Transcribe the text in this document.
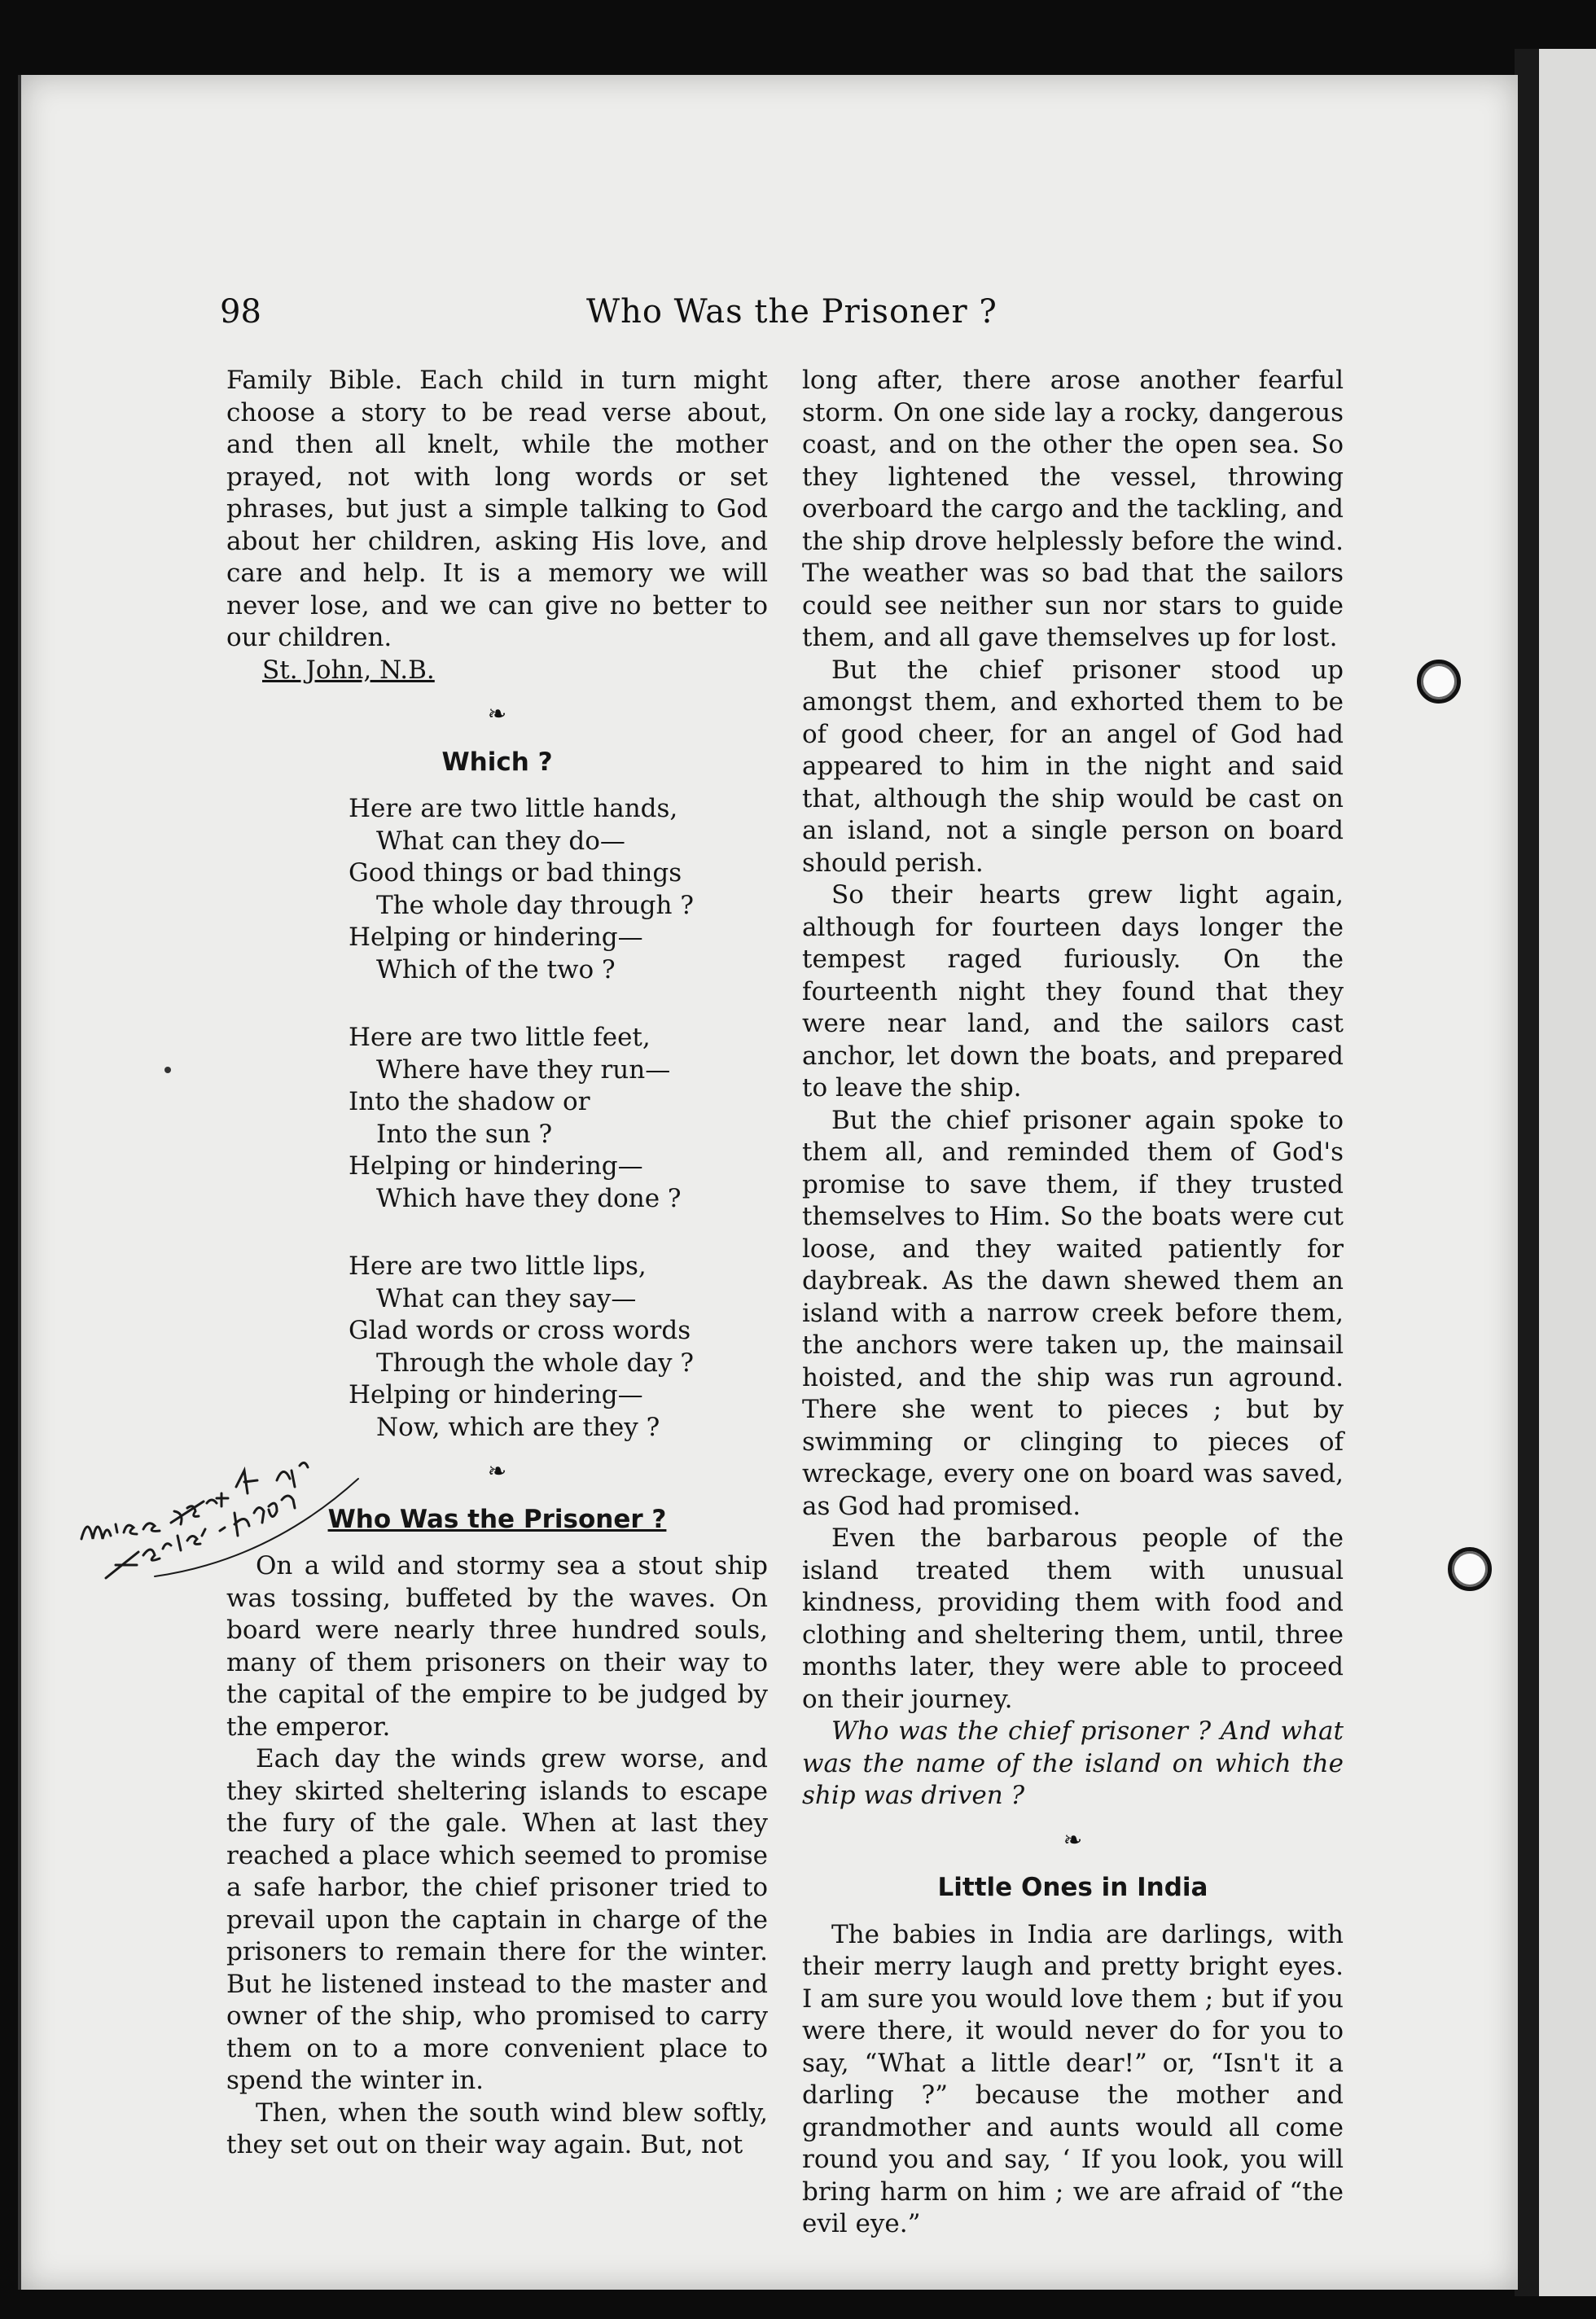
98	Who Was the Prisoner ?

Family Bible. Each child in turn might choose a story to be read verse about, and then all knelt, while the mother prayed, not with long words or set phrases, but just a simple talking to God about her children, asking His love, and care and help. It is a memory we will never lose, and we can give no better to our children.

St. John, N.B.
❧
Which ?
Here are two little hands,
What can they do—
Good things or bad things
The whole day through ?
Helping or hindering—
Which of the two ?
Here are two little feet,
Where have they run—
Into the shadow or
Into the sun ?
Helping or hindering—
Which have they done ?
Here are two little lips,
What can they say—
Glad words or cross words
Through the whole day ?
Helping or hindering—
Now, which are they ?
❧
Who Was the Prisoner ?

On a wild and stormy sea a stout ship was tossing, buffeted by the waves. On board were nearly three hundred souls, many of them prisoners on their way to the capital of the empire to be judged by the emperor.

Each day the winds grew worse, and they skirted sheltering islands to escape the fury of the gale. When at last they reached a place which seemed to promise a safe harbor, the chief prisoner tried to prevail upon the captain in charge of the prisoners to remain there for the winter. But he listened instead to the master and owner of the ship, who promised to carry them on to a more convenient place to spend the winter in.

Then, when the south wind blew softly, they set out on their way again. But, not

long after, there arose another fearful storm. On one side lay a rocky, dangerous coast, and on the other the open sea. So they lightened the vessel, throwing overboard the cargo and the tackling, and the ship drove helplessly before the wind. The weather was so bad that the sailors could see neither sun nor stars to guide them, and all gave themselves up for lost.

But the chief prisoner stood up amongst them, and exhorted them to be of good cheer, for an angel of God had appeared to him in the night and said that, although the ship would be cast on an island, not a single person on board should perish.

So their hearts grew light again, although for fourteen days longer the tempest raged furiously. On the fourteenth night they found that they were near land, and the sailors cast anchor, let down the boats, and prepared to leave the ship.

But the chief prisoner again spoke to them all, and reminded them of God's promise to save them, if they trusted themselves to Him. So the boats were cut loose, and they waited patiently for daybreak. As the dawn shewed them an island with a narrow creek before them, the anchors were taken up, the mainsail hoisted, and the ship was run aground. There she went to pieces ; but by swimming or clinging to pieces of wreckage, every one on board was saved, as God had promised.

Even the barbarous people of the island treated them with unusual kindness, providing them with food and clothing and sheltering them, until, three months later, they were able to proceed on their journey.

Who was the chief prisoner ? And what was the name of the island on which the ship was driven ?

❧
Little Ones in India

The babies in India are darlings, with their merry laugh and pretty bright eyes. I am sure you would love them ; but if you were there, it would never do for you to say, “What a little dear!” or, “Isn't it a darling ?” because the mother and grandmother and aunts would all come round you and say, ‘ If you look, you will bring harm on him ; we are afraid of “the evil eye.”
